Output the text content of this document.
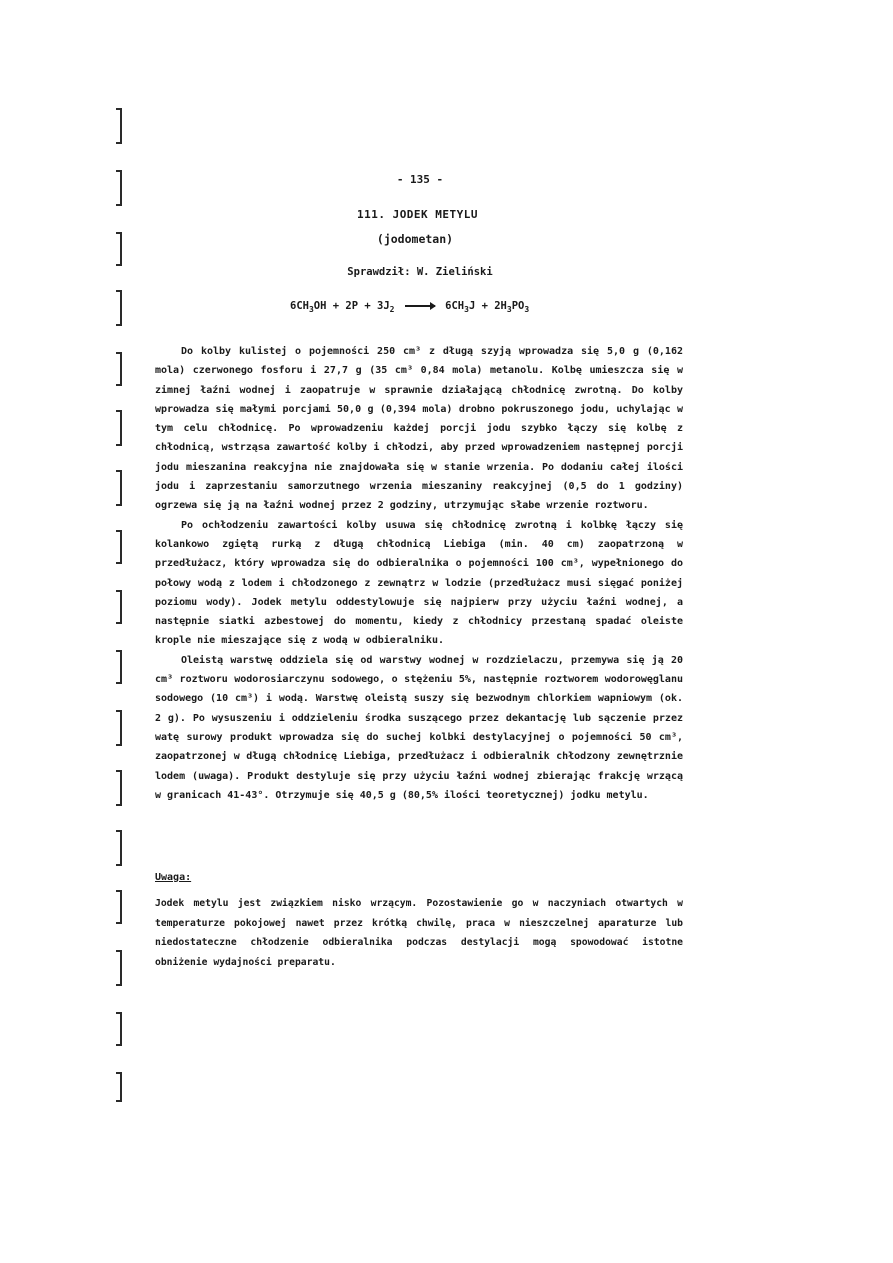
- 135 -
111. JODEK METYLU
(jodometan)
Sprawdził: W. Zieliński
$6CH_3OH + 2P + 3J_2 \to 6CH_3J + 2H_3PO_3$

Do kolby kulistej o pojemności 250 cm³ z długą szyją wprowadza się 5,0 g (0,162 mola) czerwonego fosforu i 27,7 g (35 cm³ 0,84 mola) metanolu. Kolbę umieszcza się w zimnej łaźni wodnej i zaopatruje w sprawnie działającą chłodnicę zwrotną. Do kolby wprowadza się małymi porcjami 50,0 g (0,394 mola) drobno pokruszonego jodu, uchylając w tym celu chłodnicę. Po wprowadzeniu każdej porcji jodu szybko łączy się kolbę z chłodnicą, wstrząsa zawartość kolby i chłodzi, aby przed wprowadzeniem następnej porcji jodu mieszanina reakcyjna nie znajdowała się w stanie wrzenia. Po dodaniu całej ilości jodu i zaprzestaniu samorzutnego wrzenia mieszaniny reakcyjnej (0,5 do 1 godziny) ogrzewa się ją na łaźni wodnej przez 2 godziny, utrzymując słabe wrzenie roztworu.

Po ochłodzeniu zawartości kolby usuwa się chłodnicę zwrotną i kolbkę łączy się kolankowo zgiętą rurką z długą chłodnicą Liebiga (min. 40 cm) zaopatrzoną w przedłużacz, który wprowadza się do odbieralnika o pojemności 100 cm³, wypełnionego do połowy wodą z lodem i chłodzonego z zewnątrz w lodzie (przedłużacz musi sięgać poniżej poziomu wody). Jodek metylu oddestylowuje się najpierw przy użyciu łaźni wodnej, a następnie siatki azbestowej do momentu, kiedy z chłodnicy przestaną spadać oleiste krople nie mieszające się z wodą w odbieralniku.

Oleistą warstwę oddziela się od warstwy wodnej w rozdzielaczu, przemywa się ją 20 cm³ roztworu wodorosiarczynu sodowego, o stężeniu 5%, następnie roztworem wodorowęglanu sodowego (10 cm³) i wodą. Warstwę oleistą suszy się bezwodnym chlorkiem wapniowym (ok. 2 g). Po wysuszeniu i oddzieleniu środka suszącego przez dekantację lub sączenie przez watę surowy produkt wprowadza się do suchej kolbki destylacyjnej o pojemności 50 cm³, zaopatrzonej w długą chłodnicę Liebiga, przedłużacz i odbieralnik chłodzony zewnętrznie lodem (uwaga). Produkt destyluje się przy użyciu łaźni wodnej zbierając frakcję wrzącą w granicach 41-43°. Otrzymuje się 40,5 g (80,5% ilości teoretycznej) jodku metylu.

Uwaga:
Jodek metylu jest związkiem nisko wrzącym. Pozostawienie go w naczyniach otwartych w temperaturze pokojowej nawet przez krótką chwilę, praca w nieszczelnej aparaturze lub niedostateczne chłodzenie odbieralnika podczas destylacji mogą spowodować istotne obniżenie wydajności preparatu.
